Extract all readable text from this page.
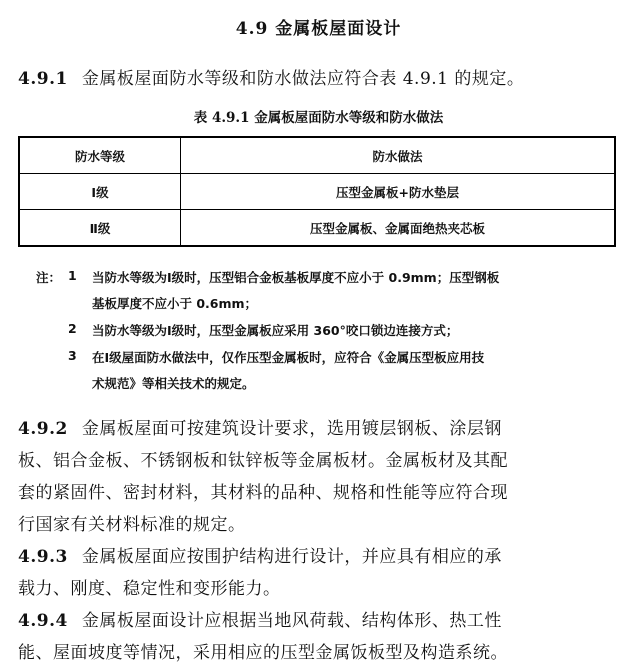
4.9 金属板屋面设计
4.9.1 金属板屋面防水等级和防水做法应符合表 4.9.1 的规定。
表 4.9.1 金属板屋面防水等级和防水做法
防水等级	防水做法
Ⅰ级	压型金属板+防水垫层
Ⅱ级	压型金属板、金属面绝热夹芯板
注： 1 当防水等级为Ⅰ级时，压型铝合金板基板厚度不应小于 0.9mm；压型钢板
基板厚度不应小于 0.6mm；
2 当防水等级为Ⅰ级时，压型金属板应采用 360°咬口锁边连接方式；
3 在Ⅰ级屋面防水做法中，仅作压型金属板时，应符合《金属压型板应用技
术规范》等相关技术的规定。
4.9.2 金属板屋面可按建筑设计要求，选用镀层钢板、涂层钢
板、铝合金板、不锈钢板和钛锌板等金属板材。金属板材及其配
套的紧固件、密封材料，其材料的品种、规格和性能等应符合现
行国家有关材料标准的规定。
4.9.3 金属板屋面应按围护结构进行设计，并应具有相应的承
载力、刚度、稳定性和变形能力。
4.9.4 金属板屋面设计应根据当地风荷载、结构体形、热工性
能、屋面坡度等情况，采用相应的压型金属饭板型及构造系统。
